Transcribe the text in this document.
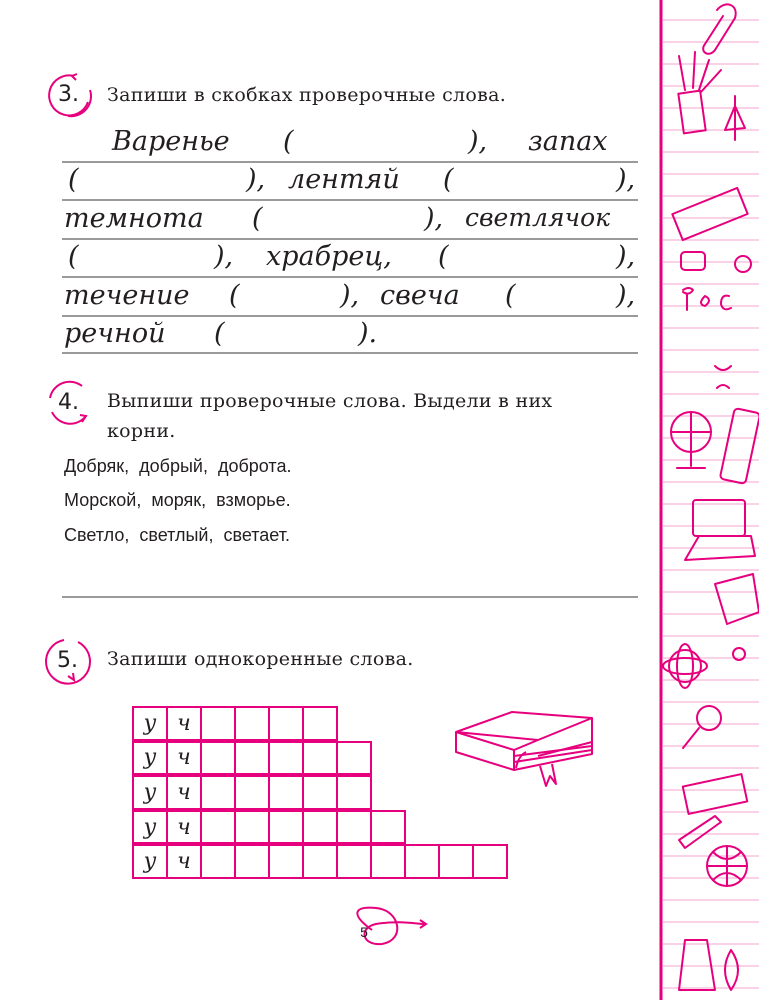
3. Запиши в скобках проверочные слова.
Варенье (	), запах
(	), лентяй (	),
темнота (	), светлячок
(	), храбрец, (	),
течение (	), свеча (	),
речной (	).
4. Выпиши проверочные слова. Выдели в них
корни.
Добряк,  добрый,  доброта.
Морской,  моряк,  взморье.
Светло,  светлый,  светает.
5. Запиши однокоренные слова.
у ч
у ч
у ч
у ч
у ч
5
